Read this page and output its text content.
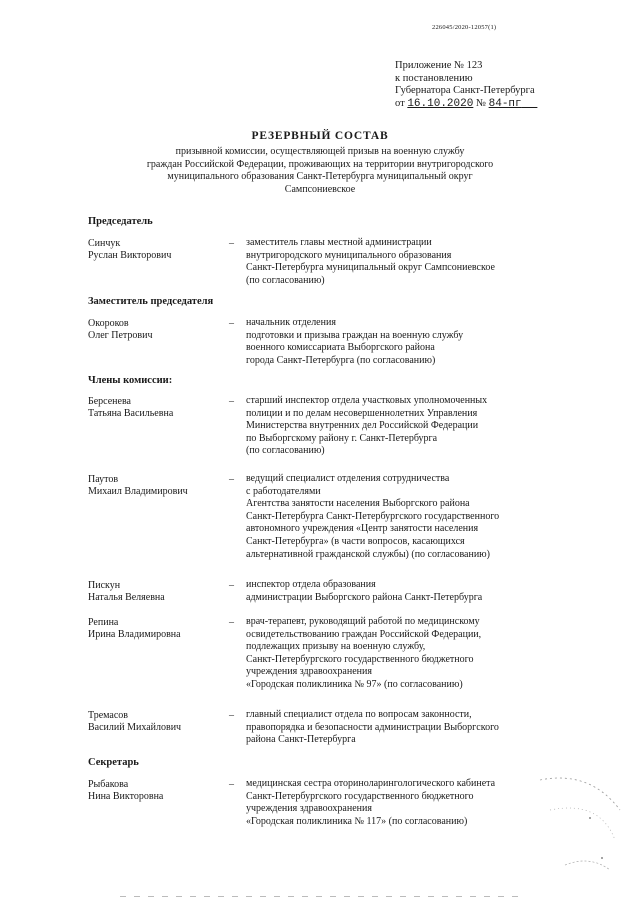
226045/2020-12057(1)
Приложение № 123
к постановлению
Губернатора Санкт-Петербурга
от 16.10.2020 № 84-пг
РЕЗЕРВНЫЙ СОСТАВ
призывной комиссии, осуществляющей призыв на военную службу
граждан Российской Федерации, проживающих на территории внутригородского
муниципального образования Санкт-Петербурга муниципальный округ
Сампсониевское
Председатель
Синчук
Руслан Викторович
– заместитель главы местной администрации
внутригородского муниципального образования
Санкт-Петербурга муниципальный округ Сампсониевское
(по согласованию)
Заместитель председателя
Окороков
Олег Петрович
– начальник отделения
подготовки и призыва граждан на военную службу
военного комиссариата Выборгского района
города Санкт-Петербурга (по согласованию)
Члены комиссии:
Берсенева
Татьяна Васильевна
– старший инспектор отдела участковых уполномоченных
полиции и по делам несовершеннолетних Управления
Министерства внутренних дел Российской Федерации
по Выборгскому району г. Санкт-Петербурга
(по согласованию)
Паутов
Михаил Владимирович
– ведущий специалист отделения сотрудничества
с работодателями
Агентства занятости населения Выборгского района
Санкт-Петербурга Санкт-Петербургского государственного
автономного учреждения «Центр занятости населения
Санкт-Петербурга» (в части вопросов, касающихся
альтернативной гражданской службы) (по согласованию)
Пискун
Наталья Веляевна
– инспектор отдела образования
администрации Выборгского района Санкт-Петербурга
Репина
Ирина Владимировна
– врач-терапевт, руководящий работой по медицинскому
освидетельствованию граждан Российской Федерации,
подлежащих призыву на военную службу,
Санкт-Петербургского государственного бюджетного
учреждения здравоохранения
«Городская поликлиника № 97» (по согласованию)
Тремасов
Василий Михайлович
– главный специалист отдела по вопросам законности,
правопорядка и безопасности администрации Выборгского
района Санкт-Петербурга
Секретарь
Рыбакова
Нина Викторовна
– медицинская сестра оториноларингологического кабинета
Санкт-Петербургского государственного бюджетного
учреждения здравоохранения
«Городская поликлиника № 117» (по согласованию)
